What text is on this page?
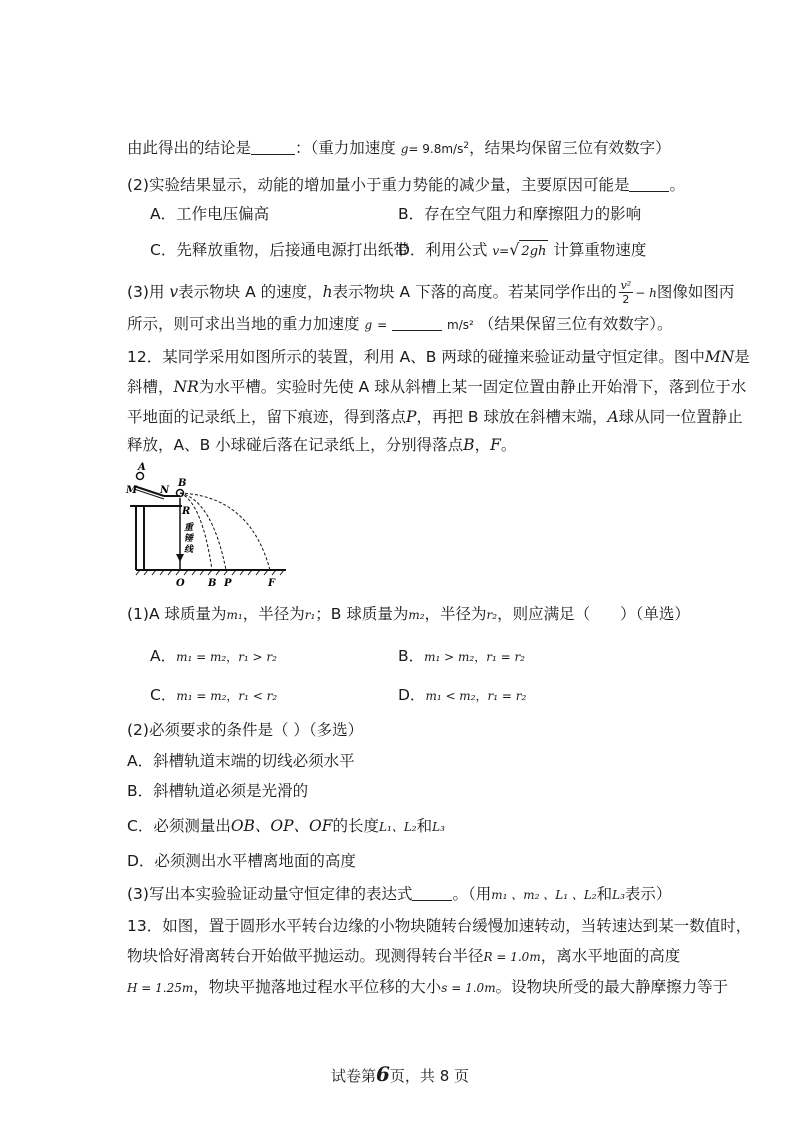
由此得出的结论是	：（重力加速度 $g= 9.8m/s^2$，结果均保留三位有效数字）
(2)实验结果显示，动能的增加量小于重力势能的减少量，主要原因可能是	。
A．工作电压偏高	B．存在空气阻力和摩擦阻力的影响
C．先释放重物，后接通电源打出纸带
D．利用公式 v=√ 2gh 计算重物速度
(3)用 v表示物块 A 的速度，h表示物块 A 下落的高度。若某同学作出的 $\frac{\text{v²}}{2} - h$图像如图丙
所示，则可求出当地的重力加速度 g =	m/s² （结果保留三位有效数字）。
12．某同学采用如图所示的装置，利用 A、B 两球的碰撞来验证动量守恒定律。图中MN是
斜槽，NR为水平槽。实验时先使 A 球从斜槽上某一固定位置由静止开始滑下，落到位于水
平地面的记录纸上，留下痕迹，得到落点P，再把 B 球放在斜槽末端，A球从同一位置静止
释放，A、B 小球碰后落在记录纸上，分别得落点B，F。
A
M N
B
R
重
锤
线
O B P	F
(1)A 球质量为m₁，半径为r₁；B 球质量为m₂，半径为r₂，则应满足（ ）（单选）
A．m₁ = m₂，r₁ > r₂	B．m₁ > m₂，r₁ = r₂
C．m₁ = m₂，r₁ < r₂	D．m₁ < m₂，r₁ = r₂
(2)必须要求的条件是（ ）（多选）
A．斜槽轨道末端的切线必须水平
B．斜槽轨道必须是光滑的
C．必须测量出OB、OP、OF的长度L₁、L₂和L₃
D．必须测出水平槽离地面的高度
(3)写出本实验验证动量守恒定律的表达式	。（用m₁ 、m₂ 、L₁ 、L₂和L₃表示）
13．如图，置于圆形水平转台边缘的小物块随转台缓慢加速转动，当转速达到某一数值时，
物块恰好滑离转台开始做平抛运动。现测得转台半径R = 1.0m，离水平地面的高度
H = 1.25m，物块平抛落地过程水平位移的大小s = 1.0m。设物块所受的最大静摩擦力等于
试卷第6页，共 8 页
